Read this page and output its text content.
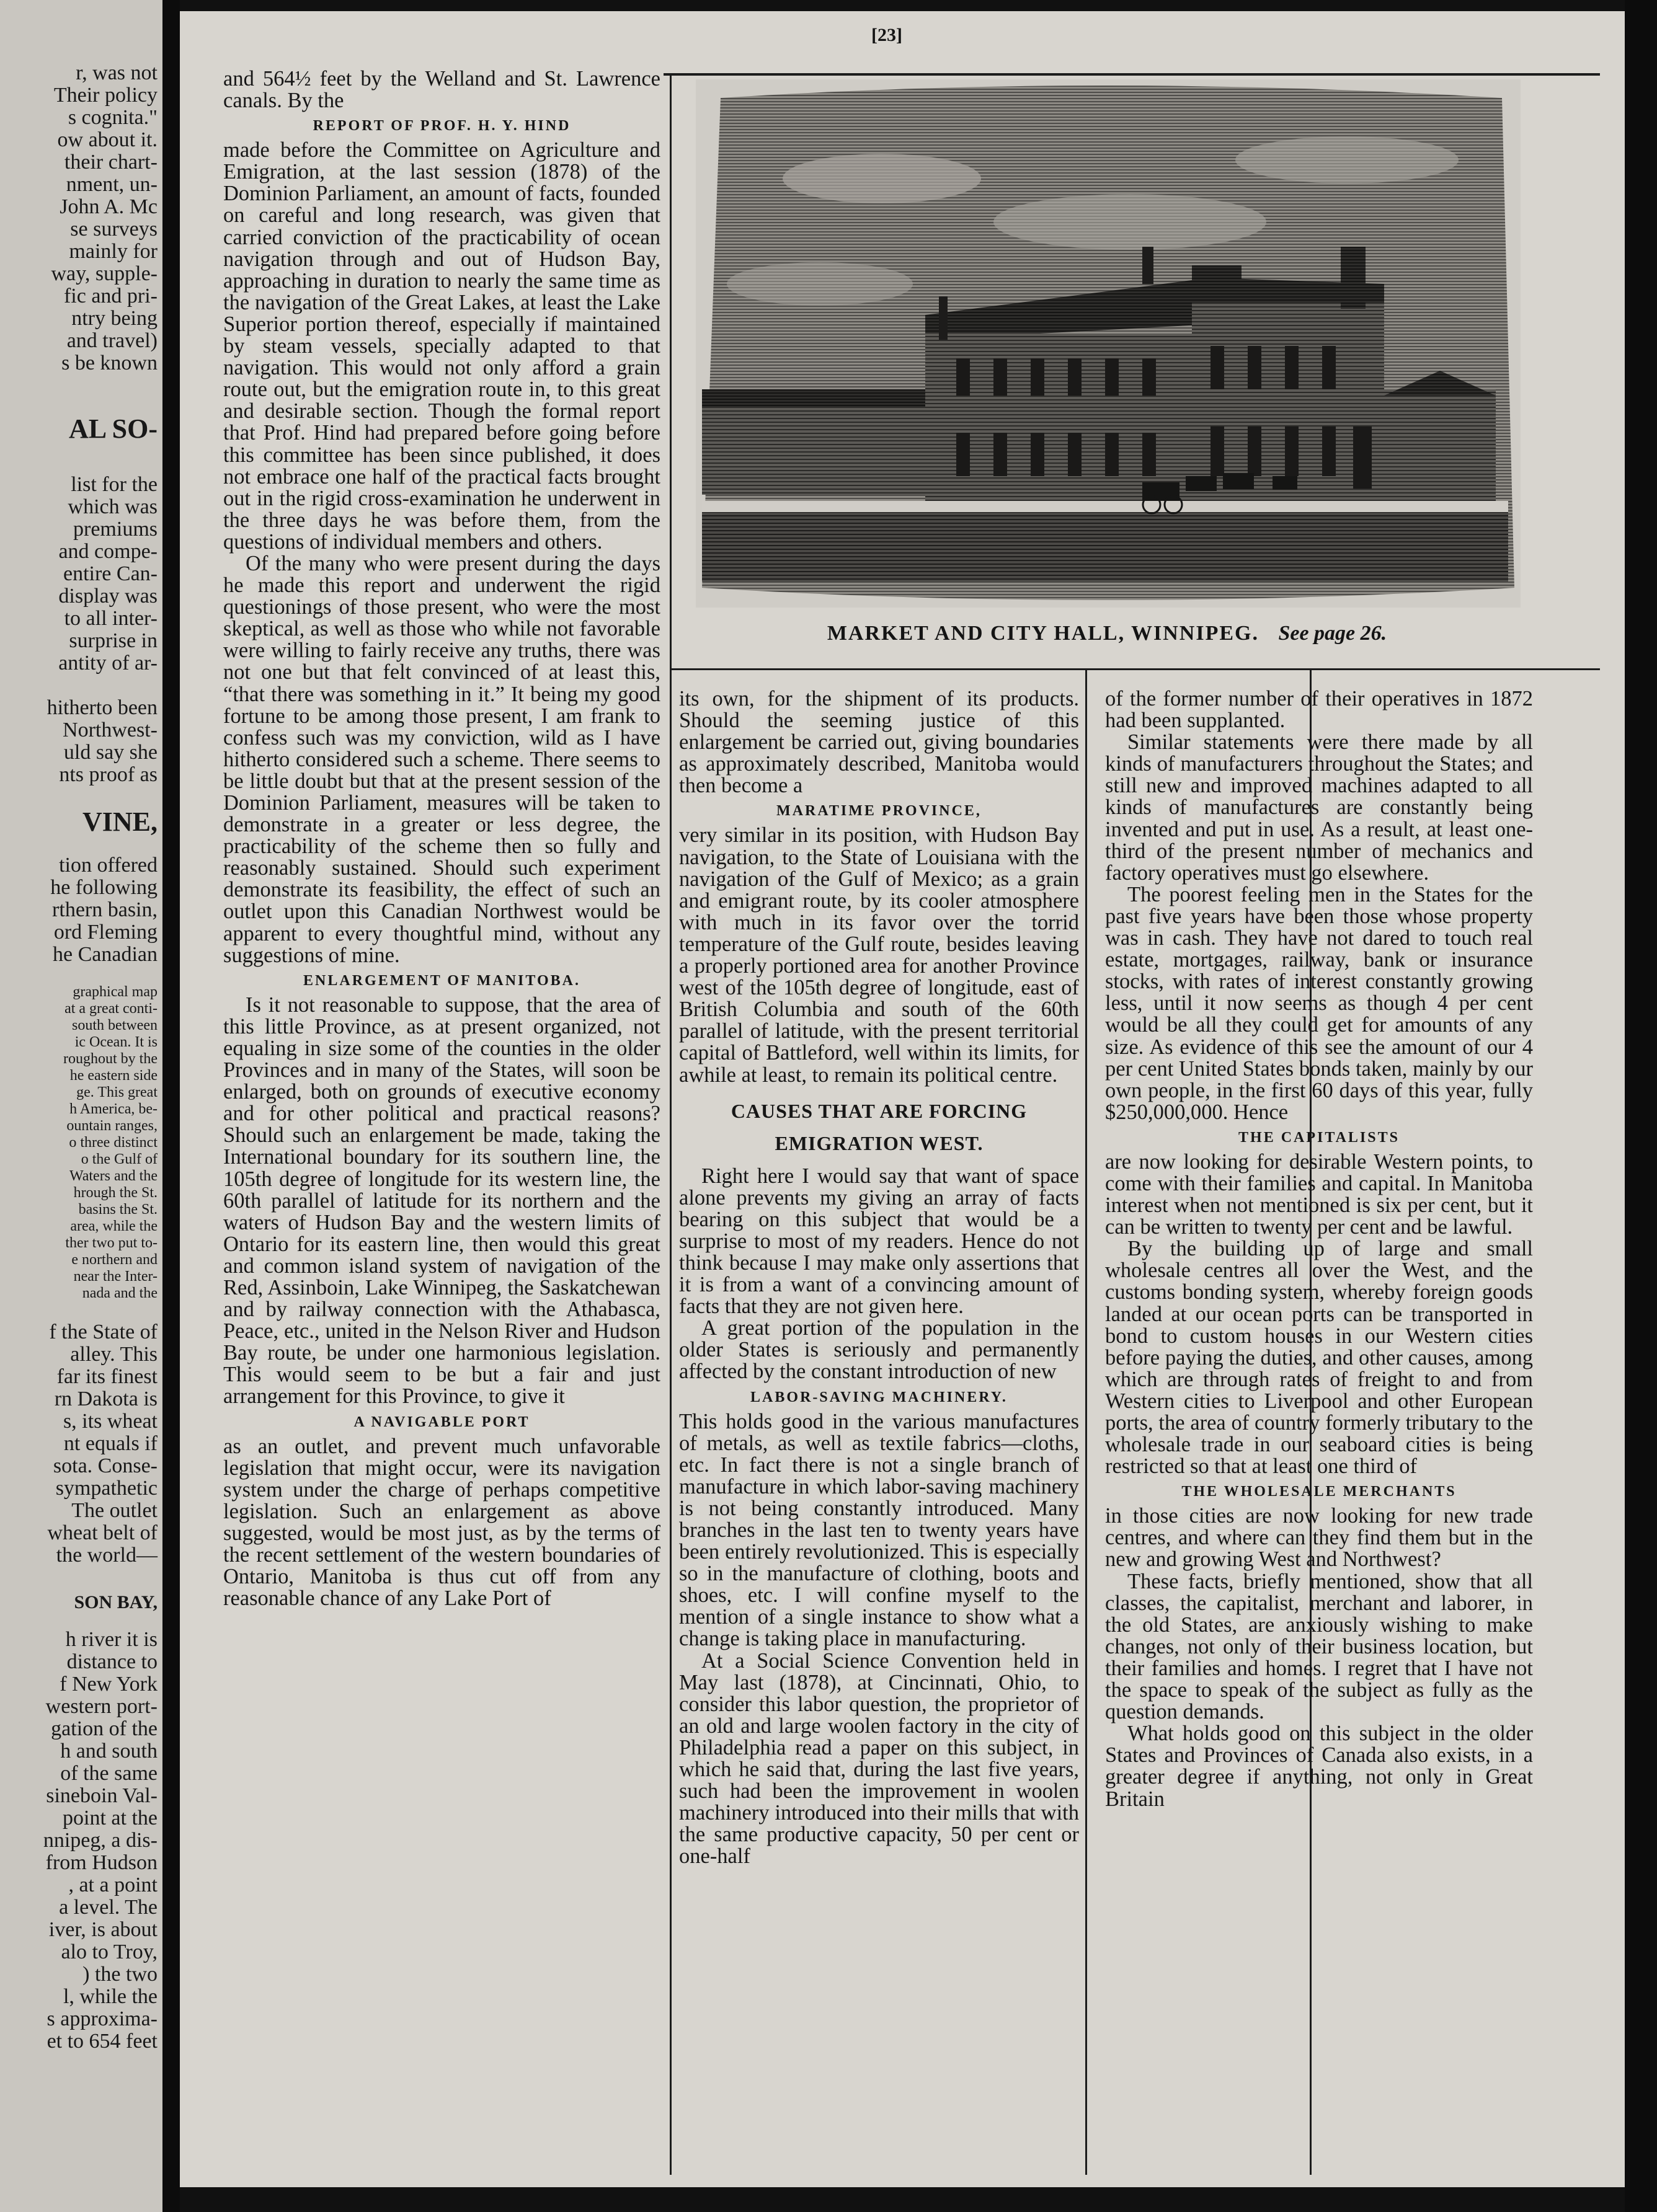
r, was not
Their policy
s cognita."
ow about it.
their chart-
nment, un-
John A. Mc
se surveys
mainly for
way, supple-
fic and pri-
ntry being
and travel)
s be known
AL SO-
list for the
which was
premiums
and compe-
entire Can-
display was
to all inter-
surprise in
antity of ar-
hitherto been
Northwest-
uld say she
nts proof as
VINE,
tion offered
he following
rthern basin,
ord Fleming
he Canadian
graphical map
at a great conti-
south between
ic Ocean. It is
roughout by the
he eastern side
ge. This great
h America, be-
ountain ranges,
o three distinct
o the Gulf of
Waters and the
hrough the St.
basins the St.
area, while the
ther two put to-
e northern and
near the Inter-
nada and the
f the State of
alley. This
far its finest
rn Dakota is
s, its wheat
nt equals if
sota. Conse-
sympathetic
The outlet
wheat belt of
the world—
SON BAY,
h river it is
distance to
f New York
western port-
gation of the
h and south
of the same
sineboin Val-
point at the
nnipeg, a dis-
from Hudson
, at a point
a level. The
iver, is about
alo to Troy,
) the two
l, while the
s approxima-
et to 654 feet
[23]
MARKET AND CITY HALL, WINNIPEG. See page 26.

and 564½ feet by the Welland and St. Lawrence canals. By the

REPORT OF PROF. H. Y. HIND

made before the Committee on Agriculture and Emigration, at the last session (1878) of the Dominion Parliament, an amount of facts, founded on careful and long research, was given that carried conviction of the practicability of ocean navigation through and out of Hudson Bay, approaching in duration to nearly the same time as the navigation of the Great Lakes, at least the Lake Superior portion thereof, especially if maintained by steam vessels, specially adapted to that navigation. This would not only afford a grain route out, but the emigration route in, to this great and desirable section. Though the formal report that Prof. Hind had prepared before going before this committee has been since published, it does not embrace one half of the practical facts brought out in the rigid cross-examination he underwent in the three days he was before them, from the questions of individual members and others.

Of the many who were present during the days he made this report and underwent the rigid questionings of those present, who were the most skeptical, as well as those who while not favorable were willing to fairly receive any truths, there was not one but that felt convinced of at least this, “that there was something in it.” It being my good fortune to be among those present, I am frank to confess such was my conviction, wild as I have hitherto considered such a scheme. There seems to be little doubt but that at the present session of the Dominion Parliament, measures will be taken to demonstrate in a greater or less degree, the practicability of the scheme then so fully and reasonably sustained. Should such experiment demonstrate its feasibility, the effect of such an outlet upon this Canadian Northwest would be apparent to every thoughtful mind, without any suggestions of mine.

ENLARGEMENT OF MANITOBA.

Is it not reasonable to suppose, that the area of this little Province, as at present organized, not equaling in size some of the counties in the older Provinces and in many of the States, will soon be enlarged, both on grounds of executive economy and for other political and practical reasons? Should such an enlargement be made, taking the International boundary for its southern line, the 105th degree of longitude for its western line, the 60th parallel of latitude for its northern and the waters of Hudson Bay and the western limits of Ontario for its eastern line, then would this great and common island system of navigation of the Red, Assinboin, Lake Winnipeg, the Saskatchewan and by railway connection with the Athabasca, Peace, etc., united in the Nelson River and Hudson Bay route, be under one harmonious legislation. This would seem to be but a fair and just arrangement for this Province, to give it

A NAVIGABLE PORT

as an outlet, and prevent much unfavorable legislation that might occur, were its navigation system under the charge of perhaps competitive legislation. Such an enlargement as above suggested, would be most just, as by the terms of the recent settlement of the western boundaries of Ontario, Manitoba is thus cut off from any reasonable chance of any Lake Port of

its own, for the shipment of its products. Should the seeming justice of this enlargement be carried out, giving boundaries as approximately described, Manitoba would then become a

MARATIME PROVINCE,

very similar in its position, with Hudson Bay navigation, to the State of Louisiana with the navigation of the Gulf of Mexico; as a grain and emigrant route, by its cooler atmosphere with much in its favor over the torrid temperature of the Gulf route, besides leaving a properly portioned area for another Province west of the 105th degree of longitude, east of British Columbia and south of the 60th parallel of latitude, with the present territorial capital of Battleford, well within its limits, for awhile at least, to remain its political centre.

CAUSES THAT ARE FORCING EMIGRATION WEST.

Right here I would say that want of space alone prevents my giving an array of facts bearing on this subject that would be a surprise to most of my readers. Hence do not think because I may make only assertions that it is from a want of a convincing amount of facts that they are not given here.

A great portion of the population in the older States is seriously and permanently affected by the constant introduction of new

LABOR-SAVING MACHINERY.

This holds good in the various manufactures of metals, as well as textile fabrics—cloths, etc. In fact there is not a single branch of manufacture in which labor-saving machinery is not being constantly introduced. Many branches in the last ten to twenty years have been entirely revolutionized. This is especially so in the manufacture of clothing, boots and shoes, etc. I will confine myself to the mention of a single instance to show what a change is taking place in manufacturing.

At a Social Science Convention held in May last (1878), at Cincinnati, Ohio, to consider this labor question, the proprietor of an old and large woolen factory in the city of Philadelphia read a paper on this subject, in which he said that, during the last five years, such had been the improvement in woolen machinery introduced into their mills that with the same productive capacity, 50 per cent or one-half

of the former number of their operatives in 1872 had been supplanted.

Similar statements were there made by all kinds of manufacturers throughout the States; and still new and improved machines adapted to all kinds of manufactures are constantly being invented and put in use. As a result, at least one-third of the present number of mechanics and factory operatives must go elsewhere.

The poorest feeling men in the States for the past five years have been those whose property was in cash. They have not dared to touch real estate, mortgages, railway, bank or insurance stocks, with rates of interest constantly growing less, until it now seems as though 4 per cent would be all they could get for amounts of any size. As evidence of this see the amount of our 4 per cent United States bonds taken, mainly by our own people, in the first 60 days of this year, fully $250,000,000. Hence

THE CAPITALISTS

are now looking for desirable Western points, to come with their families and capital. In Manitoba interest when not mentioned is six per cent, but it can be written to twenty per cent and be lawful.

By the building up of large and small wholesale centres all over the West, and the customs bonding system, whereby foreign goods landed at our ocean ports can be transported in bond to custom houses in our Western cities before paying the duties, and other causes, among which are through rates of freight to and from Western cities to Liverpool and other European ports, the area of country formerly tributary to the wholesale trade in our seaboard cities is being restricted so that at least one third of

THE WHOLESALE MERCHANTS

in those cities are now looking for new trade centres, and where can they find them but in the new and growing West and Northwest?

These facts, briefly mentioned, show that all classes, the capitalist, merchant and laborer, in the old States, are anxiously wishing to make changes, not only of their business location, but their families and homes. I regret that I have not the space to speak of the subject as fully as the question demands.

What holds good on this subject in the older States and Provinces of Canada also exists, in a greater degree if anything, not only in Great Britain
